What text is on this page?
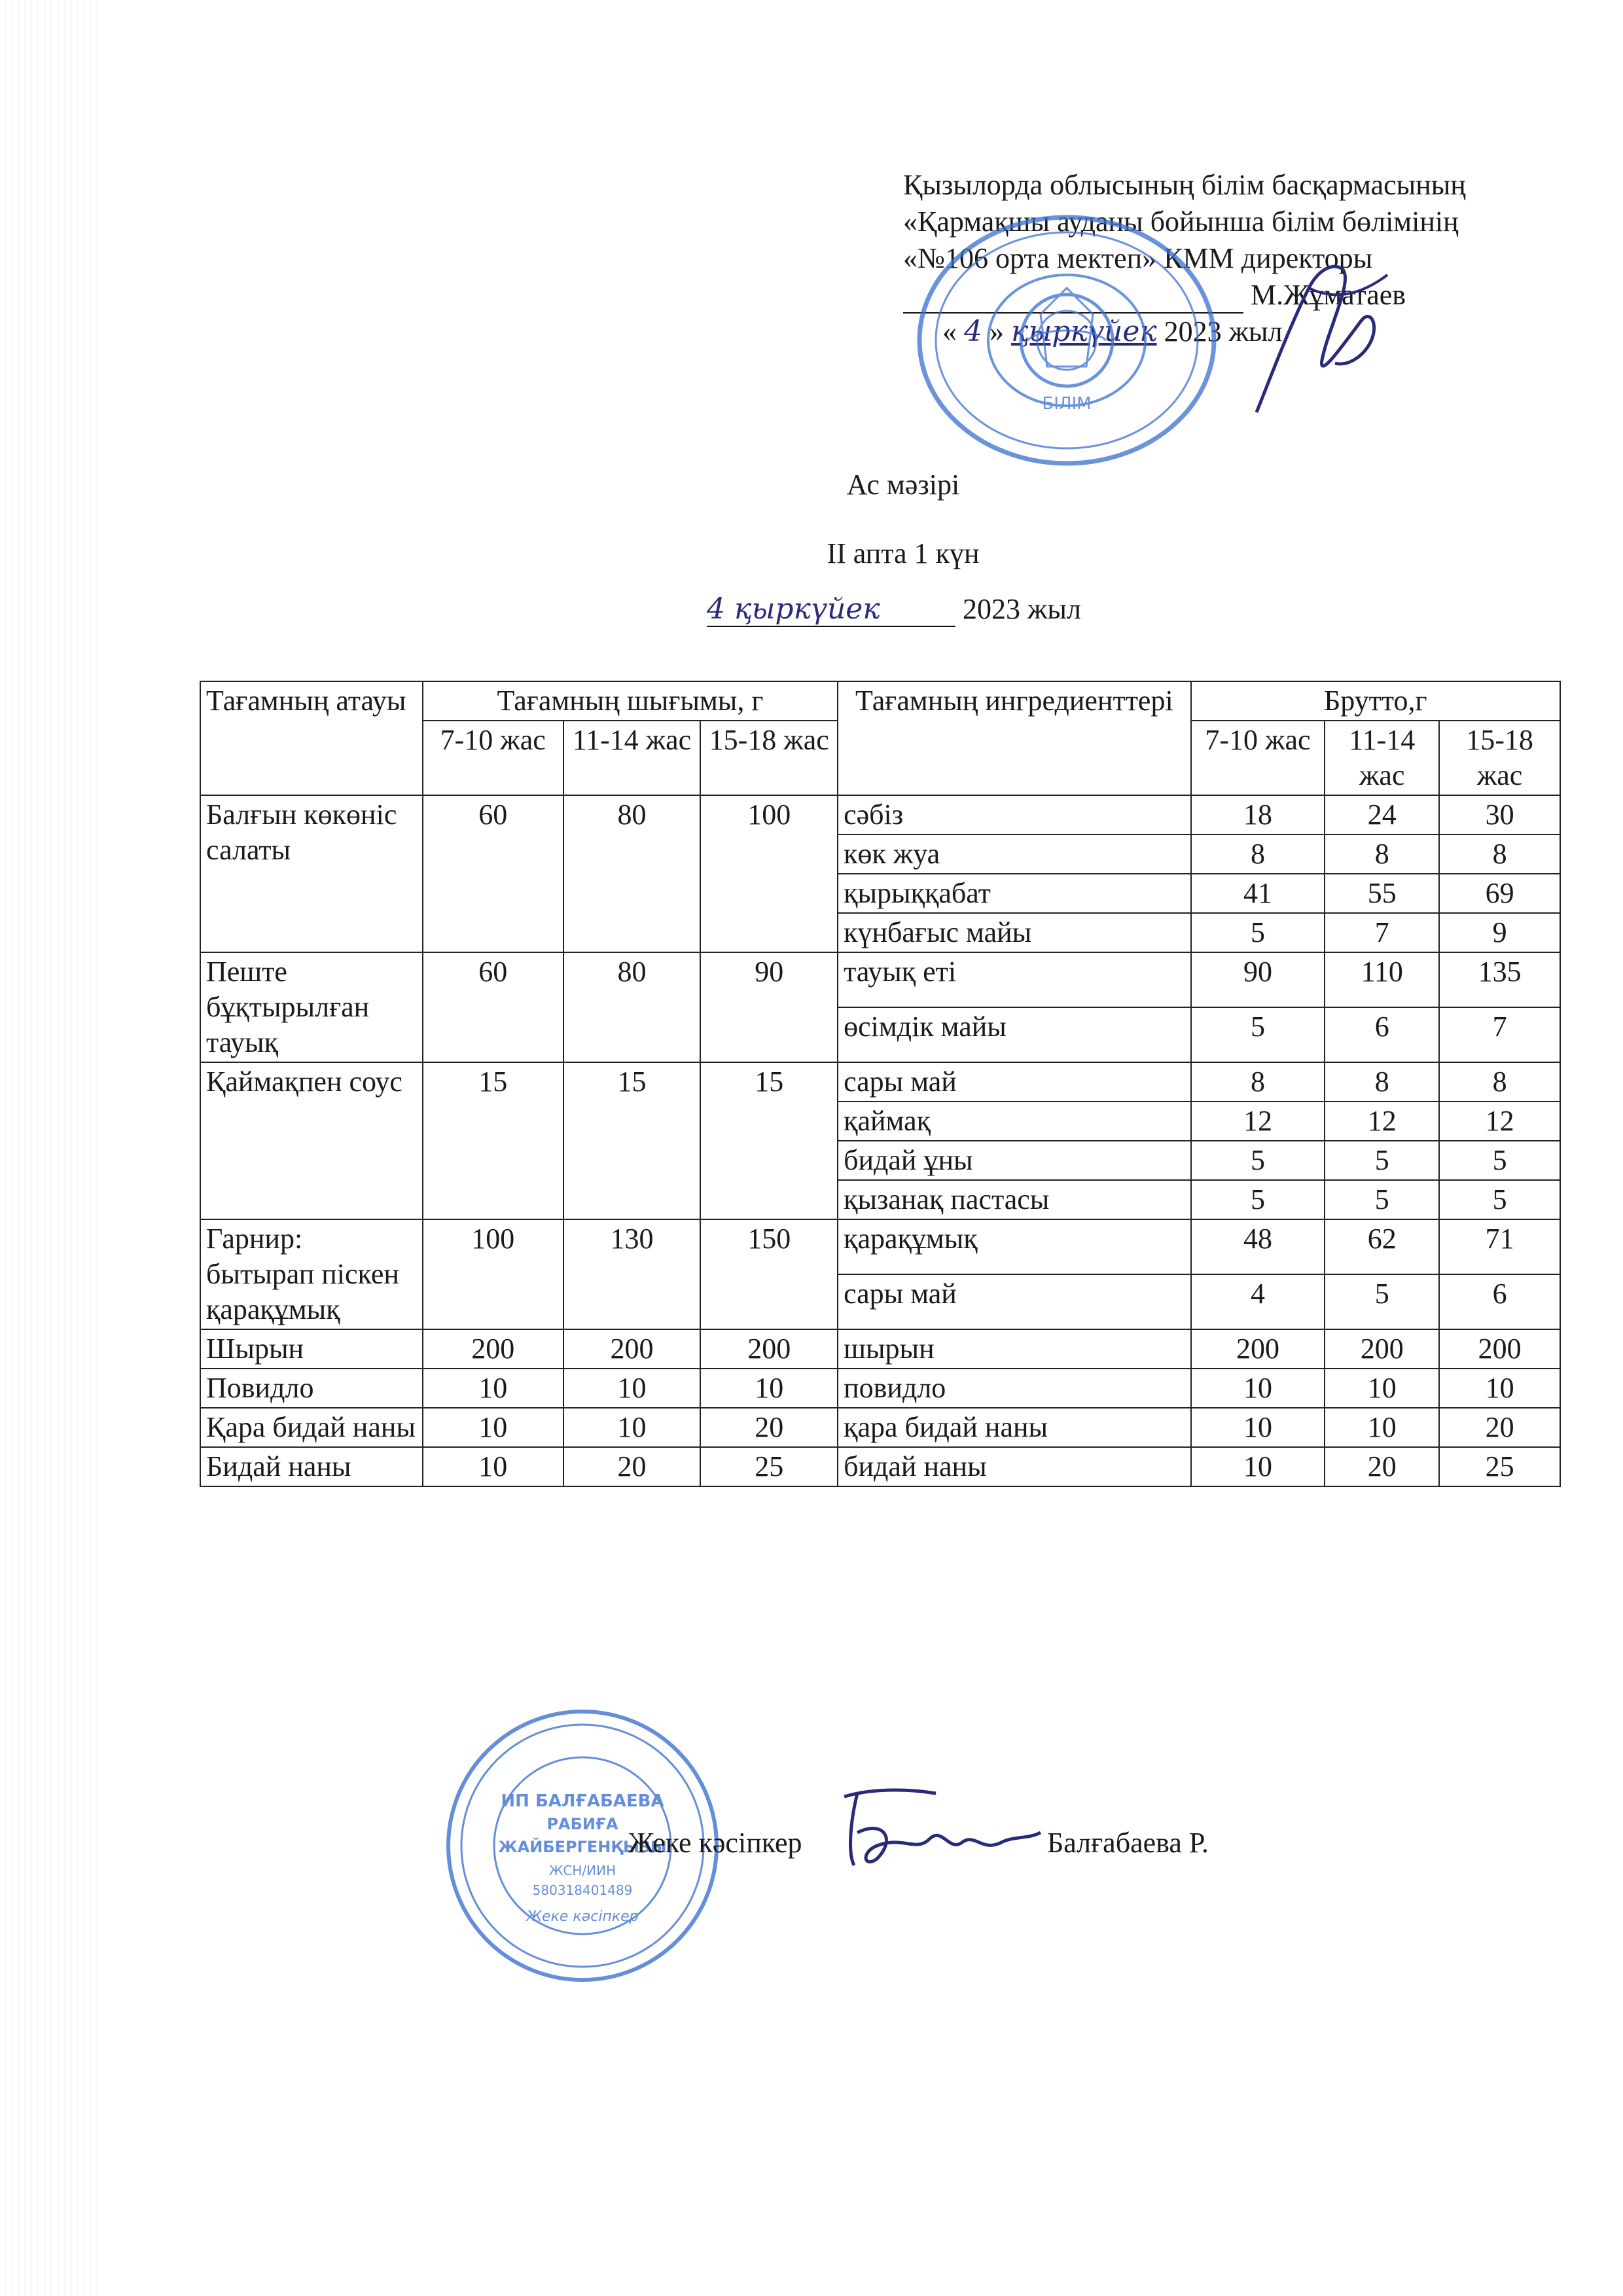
Қызылорда облысының білім басқармасының
«Қармақшы ауданы бойынша білім бөлімінің
«№106 орта мектеп» КММ директоры
М.Жұматаев
« 4 » қыркүйек 2023 жыл
БІЛІМ
Ас мәзірі
ІІ апта 1 күн
4 қыркүйек	2023 жыл
Тағамның атауы	Тағамның шығымы, г			Тағамның ингредиенттері	Брутто,г		
	7-10 жас	11-14 жас	15-18 жас		7-10 жас	11-14 жас	15-18 жас
Балғын көкөніс салаты	60	80	100	сәбіз	18	24	30
				көк жуа	8	8	8
				қырыққабат	41	55	69
				күнбағыс майы	5	7	9
Пеште бұқтырылған тауық	60	80	90	тауық еті	90	110	135
				өсімдік майы	5	6	7
Қаймақпен соус	15	15	15	сары май	8	8	8
				қаймақ	12	12	12
				бидай ұны	5	5	5
				қызанақ пастасы	5	5	5
Гарнир: бытырап піскен қарақұмық	100	130	150	қарақұмық	48	62	71
				сары май	4	5	6
Шырын	200	200	200	шырын	200	200	200
Повидло	10	10	10	повидло	10	10	10
Қара бидай наны	10	10	20	қара бидай наны	10	10	20
Бидай наны	10	20	25	бидай наны	10	20	25
ИП БАЛҒАБАЕВА
РАБИҒА
ЖАЙБЕРГЕНҚЫЗЫ
ЖСН/ИИН
580318401489
Жеке кәсіпкер
Жеке кәсіпкер	Балғабаева Р.
